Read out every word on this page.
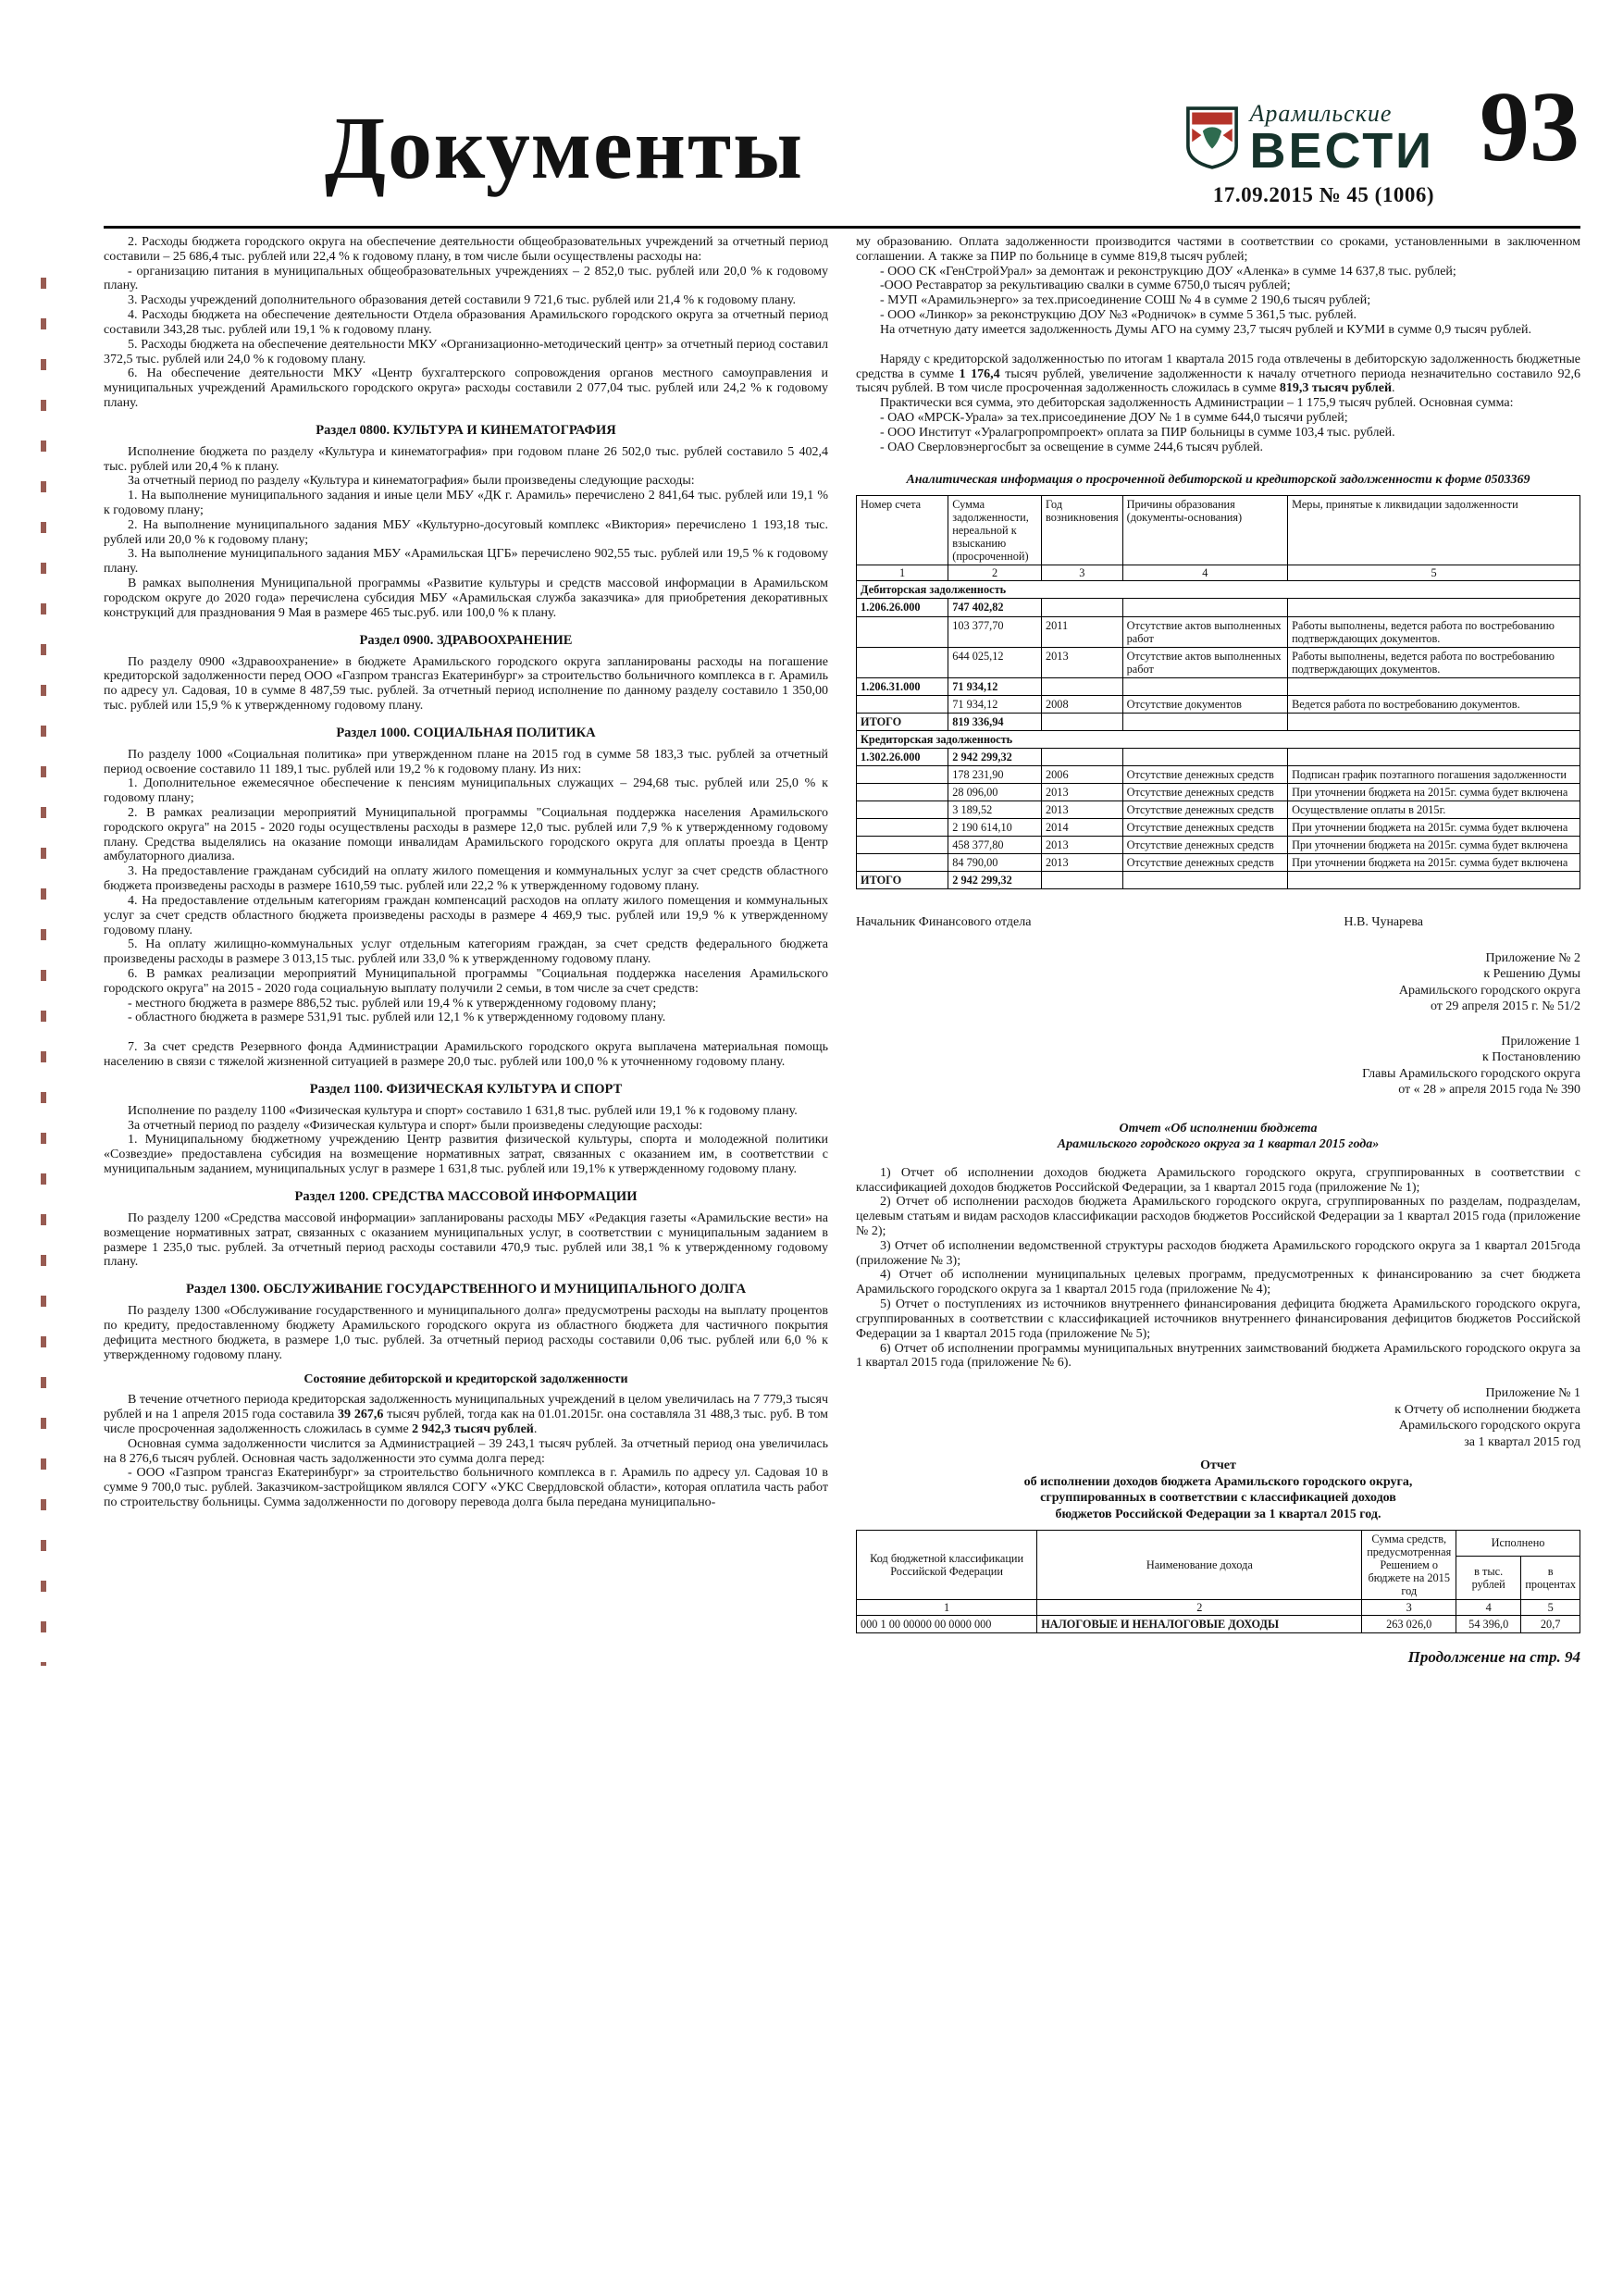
Документы	Арамильские
ВЕСТИ 93
17.09.2015 № 45 (1006)

2. Расходы бюджета городского округа на обеспечение деятельности общеобразовательных учреждений за отчетный период составили – 25 686,4 тыс. рублей или 22,4 % к годовому плану, в том числе были осуществлены расходы на:

- организацию питания в муниципальных общеобразовательных учреждениях – 2 852,0 тыс. рублей или 20,0 % к годовому плану.

3. Расходы учреждений дополнительного образования детей составили 9 721,6 тыс. рублей или 21,4 % к годовому плану.

4. Расходы бюджета на обеспечение деятельности Отдела образования Арамильского городского округа за отчетный период составили 343,28 тыс. рублей или 19,1 % к годовому плану.

5. Расходы бюджета на обеспечение деятельности МКУ «Организационно-методический центр» за отчетный период составил 372,5 тыс. рублей или 24,0 % к годовому плану.

6. На обеспечение деятельности МКУ «Центр бухгалтерского сопровождения органов местного самоуправления и муниципальных учреждений Арамильского городского округа» расходы составили 2 077,04 тыс. рублей или 24,2 % к годовому плану.

Раздел 0800. КУЛЬТУРА И КИНЕМАТОГРАФИЯ

Исполнение бюджета по разделу «Культура и кинематография» при годовом плане 26 502,0 тыс. рублей составило 5 402,4 тыс. рублей или 20,4 % к плану.

За отчетный период по разделу «Культура и кинематография» были произведены следующие расходы:

1. На выполнение муниципального задания и иные цели МБУ «ДК г. Арамиль» перечислено 2 841,64 тыс. рублей или 19,1 % к годовому плану;

2. На выполнение муниципального задания МБУ «Культурно-досуговый комплекс «Виктория» перечислено 1 193,18 тыс. рублей или 20,0 % к годовому плану;

3. На выполнение муниципального задания МБУ «Арамильская ЦГБ» перечислено 902,55 тыс. рублей или 19,5 % к годовому плану.

В рамках выполнения Муниципальной программы «Развитие культуры и средств массовой информации в Арамильском городском округе до 2020 года» перечислена субсидия МБУ «Арамильская служба заказчика» для приобретения декоративных конструкций для празднования 9 Мая в размере 465 тыс.руб. или 100,0 % к плану.

Раздел 0900. ЗДРАВООХРАНЕНИЕ

По разделу 0900 «Здравоохранение» в бюджете Арамильского городского округа запланированы расходы на погашение кредиторской задолженности перед ООО «Газпром трансгаз Екатеринбург» за строительство больничного комплекса в г. Арамиль по адресу ул. Садовая, 10 в сумме 8 487,59 тыс. рублей. За отчетный период исполнение по данному разделу составило 1 350,00 тыс. рублей или 15,9 % к утвержденному годовому плану.

Раздел 1000. СОЦИАЛЬНАЯ ПОЛИТИКА

По разделу 1000 «Социальная политика» при утвержденном плане на 2015 год в сумме 58 183,3 тыс. рублей за отчетный период освоение составило 11 189,1 тыс. рублей или 19,2 % к годовому плану. Из них:

1. Дополнительное ежемесячное обеспечение к пенсиям муниципальных служащих – 294,68 тыс. рублей или 25,0 % к годовому плану;

2. В рамках реализации мероприятий Муниципальной программы "Социальная поддержка населения Арамильского городского округа" на 2015 - 2020 годы осуществлены расходы в размере 12,0 тыс. рублей или 7,9 % к утвержденному годовому плану. Средства выделялись на оказание помощи инвалидам Арамильского городского округа для оплаты проезда в Центр амбулаторного диализа.

3. На предоставление гражданам субсидий на оплату жилого помещения и коммунальных услуг за счет средств областного бюджета произведены расходы в размере 1610,59 тыс. рублей или 22,2 % к утвержденному годовому плану.

4. На предоставление отдельным категориям граждан компенсаций расходов на оплату жилого помещения и коммунальных услуг за счет средств областного бюджета произведены расходы в размере 4 469,9 тыс. рублей или 19,9 % к утвержденному годовому плану.

5. На оплату жилищно-коммунальных услуг отдельным категориям граждан, за счет средств федерального бюджета произведены расходы в размере 3 013,15 тыс. рублей или 33,0 % к утвержденному годовому плану.

6. В рамках реализации мероприятий Муниципальной программы "Социальная поддержка населения Арамильского городского округа" на 2015 - 2020 года социальную выплату получили 2 семьи, в том числе за счет средств:

- местного бюджета в размере 886,52 тыс. рублей или 19,4 % к утвержденному годовому плану;

- областного бюджета в размере 531,91 тыс. рублей или 12,1 % к утвержденному годовому плану.

7. За счет средств Резервного фонда Администрации Арамильского городского округа выплачена материальная помощь населению в связи с тяжелой жизненной ситуацией в размере 20,0 тыс. рублей или 100,0 % к уточненному годовому плану.

Раздел 1100. ФИЗИЧЕСКАЯ КУЛЬТУРА И СПОРТ

Исполнение по разделу 1100 «Физическая культура и спорт» составило 1 631,8 тыс. рублей или 19,1 % к годовому плану.

За отчетный период по разделу «Физическая культура и спорт» были произведены следующие расходы:

1. Муниципальному бюджетному учреждению Центр развития физической культуры, спорта и молодежной политики «Созвездие» предоставлена субсидия на возмещение нормативных затрат, связанных с оказанием им, в соответствии с муниципальным заданием, муниципальных услуг в размере 1 631,8 тыс. рублей или 19,1% к утвержденному годовому плану.

Раздел 1200. СРЕДСТВА МАССОВОЙ ИНФОРМАЦИИ

По разделу 1200 «Средства массовой информации» запланированы расходы МБУ «Редакция газеты «Арамильские вести» на возмещение нормативных затрат, связанных с оказанием муниципальных услуг, в соответствии с муниципальным заданием в размере 1 235,0 тыс. рублей. За отчетный период расходы составили 470,9 тыс. рублей или 38,1 % к утвержденному годовому плану.

Раздел 1300. ОБСЛУЖИВАНИЕ ГОСУДАРСТВЕННОГО И МУНИЦИПАЛЬНОГО ДОЛГА

По разделу 1300 «Обслуживание государственного и муниципального долга» предусмотрены расходы на выплату процентов по кредиту, предоставленному бюджету Арамильского городского округа из областного бюджета для частичного покрытия дефицита местного бюджета, в размере 1,0 тыс. рублей. За отчетный период расходы составили 0,06 тыс. рублей или 6,0 % к утвержденному годовому плану.

Состояние дебиторской и кредиторской задолженности

В течение отчетного периода кредиторская задолженность муниципальных учреждений в целом увеличилась на 7 779,3 тысяч рублей и на 1 апреля 2015 года составила 39 267,6 тысяч рублей, тогда как на 01.01.2015г. она составляла 31 488,3 тыс. руб. В том числе просроченная задолженность сложилась в сумме 2 942,3 тысяч рублей.

Основная сумма задолженности числится за Администрацией – 39 243,1 тысяч рублей. За отчетный период она увеличилась на 8 276,6 тысяч рублей. Основная часть задолженности это сумма долга перед:

- ООО «Газпром трансгаз Екатеринбург» за строительство больничного комплекса в г. Арамиль по адресу ул. Садовая 10 в сумме 9 700,0 тыс. рублей. Заказчиком-застройщиком являлся СОГУ «УКС Свердловской области», которая оплатила часть работ по строительству больницы. Сумма задолженности по договору перевода долга была передана муниципально-

му образованию. Оплата задолженности производится частями в соответствии со сроками, установленными в заключенном соглашении. А также за ПИР по больнице в сумме 819,8 тысяч рублей;

- ООО СК «ГенСтройУрал» за демонтаж и реконструкцию ДОУ «Аленка» в сумме 14 637,8 тыс. рублей;

-ООО Реставратор за рекультивацию свалки в сумме 6750,0 тысяч рублей;

- МУП «Арамильэнерго» за тех.присоединение СОШ № 4 в сумме 2 190,6 тысяч рублей;

- ООО «Линкор» за реконструкцию ДОУ №3 «Родничок» в сумме 5 361,5 тыс. рублей.

На отчетную дату имеется задолженность Думы АГО на сумму 23,7 тысяч рублей и КУМИ в сумме 0,9 тысяч рублей.

Наряду с кредиторской задолженностью по итогам 1 квартала 2015 года отвлечены в дебиторскую задолженность бюджетные средства в сумме 1 176,4 тысяч рублей, увеличение задолженности к началу отчетного периода незначительно составило 92,6 тысяч рублей. В том числе просроченная задолженность сложилась в сумме 819,3 тысяч рублей.

Практически вся сумма, это дебиторская задолженность Администрации – 1 175,9 тысяч рублей. Основная сумма:

- ОАО «МРСК-Урала» за тех.присоединение ДОУ № 1 в сумме 644,0 тысячи рублей;

- ООО Институт «Уралагропромпроект» оплата за ПИР больницы в сумме 103,4 тыс. рублей.

- ОАО Сверловэнергосбыт за освещение в сумме 244,6 тысяч рублей.

Аналитическая информация о просроченной дебиторской и кредиторской задолженности к форме 0503369

Номер счета	Сумма задолженности, нереальной к взысканию (просроченной)	Год возникновения	Причины образования (документы-основания)	Меры, принятые к ликвидации задолженности
1	2	3	4	5
Дебиторская задолженность				
1.206.26.000	747 402,82			
	103 377,70	2011	Отсутствие актов выполненных работ	Работы выполнены, ведется работа по востребованию подтверждающих документов.
	644 025,12	2013	Отсутствие актов выполненных работ	Работы выполнены, ведется работа по востребованию подтверждающих документов.
1.206.31.000	71 934,12			
	71 934,12	2008	Отсутствие документов	Ведется работа по востребованию документов.
ИТОГО	819 336,94			
Кредиторская задолженность				
1.302.26.000	2 942 299,32			
	178 231,90	2006	Отсутствие денежных средств	Подписан график поэтапного погашения задолженности
	28 096,00	2013	Отсутствие денежных средств	При уточнении бюджета на 2015г. сумма будет включена
	3 189,52	2013	Отсутствие денежных средств	Осуществление оплаты в 2015г.
	2 190 614,10	2014	Отсутствие денежных средств	При уточнении бюджета на 2015г. сумма будет включена
	458 377,80	2013	Отсутствие денежных средств	При уточнении бюджета на 2015г. сумма будет включена
	84 790,00	2013	Отсутствие денежных средств	При уточнении бюджета на 2015г. сумма будет включена
ИТОГО	2 942 299,32			
Начальник Финансового отдела	Н.В. Чунарева
Приложение № 2
к Решению Думы
Арамильского городского округа
от 29 апреля 2015 г. № 51/2
Приложение 1
к Постановлению
Главы Арамильского городского округа
от « 28 » апреля 2015 года № 390
Отчет «Об исполнении бюджета
Арамильского городского округа за 1 квартал 2015 года»

1) Отчет об исполнении доходов бюджета Арамильского городского округа, сгруппированных в соответствии с классификацией доходов бюджетов Российской Федерации, за 1 квартал 2015 года (приложение № 1);

2) Отчет об исполнении расходов бюджета Арамильского городского округа, сгруппированных по разделам, подразделам, целевым статьям и видам расходов классификации расходов бюджетов Российской Федерации за 1 квартал 2015 года (приложение № 2);

3) Отчет об исполнении ведомственной структуры расходов бюджета Арамильского городского округа за 1 квартал 2015года (приложение № 3);

4) Отчет об исполнении муниципальных целевых программ, предусмотренных к финансированию за счет бюджета Арамильского городского округа за 1 квартал 2015 года (приложение № 4);

5) Отчет о поступлениях из источников внутреннего финансирования дефицита бюджета Арамильского городского округа, сгруппированных в соответствии с классификацией источников внутреннего финансирования дефицитов бюджетов Российской Федерации за 1 квартал 2015 года (приложение № 5);

6) Отчет об исполнении программы муниципальных внутренних заимствований бюджета Арамильского городского округа за 1 квартал 2015 года (приложение № 6).

Приложение № 1
к Отчету об исполнении бюджета
Арамильского городского округа
за 1 квартал 2015 год
Отчет
об исполнении доходов бюджета Арамильского городского округа,
сгруппированных в соответствии с классификацией доходов
бюджетов Российской Федерации за 1 квартал 2015 год.
Код бюджетной классификации Российской Федерации	Наименование дохода	Сумма средств, предусмотренная Решением о бюджете на 2015 год	Исполнено	
			в тыс. рублей	в процентах
1	2	3	4	5
000 1 00 00000 00 0000 000	НАЛОГОВЫЕ И НЕНАЛОГОВЫЕ ДОХОДЫ	263 026,0	54 396,0	20,7
Продолжение на стр. 94
